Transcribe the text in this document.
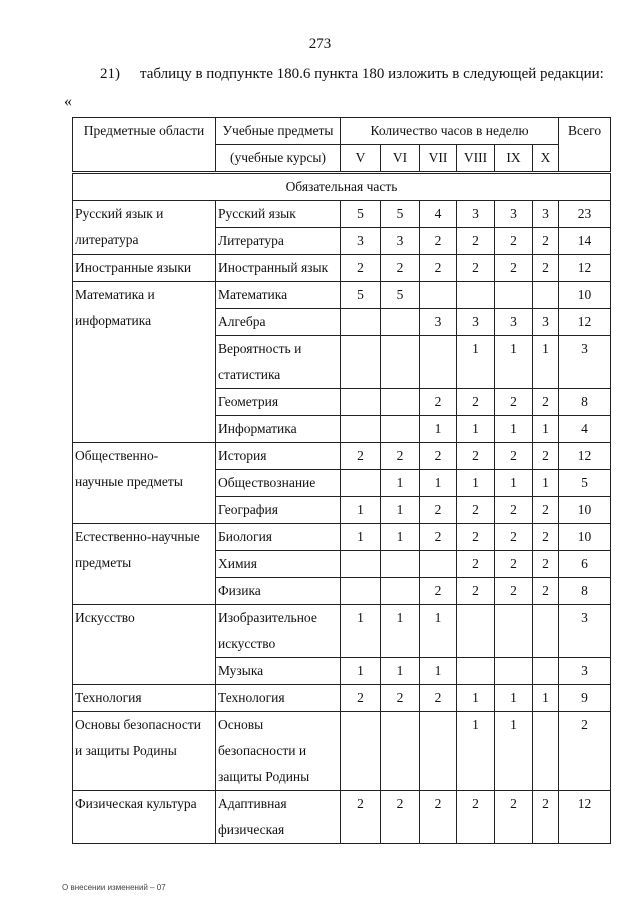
273
21) таблицу в подпункте 180.6 пункта 180 изложить в следующей редакции:
«
Предметные области	Учебные предметы	Количество часов в неделю						Всего
	(учебные курсы)	V	VI	VII	VIII	IX	X	
Обязательная часть								

Русский язык и
литература	Русский язык	5	5	4	3	3	3	23

	Литература	3	3	2	2	2	2	14

Иностранные языки	Иностранный язык	2	2	2	2	2	2	12

Математика и
информатика	Математика	5	5					10

	Алгебра			3	3	3	3	12

	Вероятность и
статистика				1	1	1	3

	Геометрия			2	2	2	2	8

	Информатика			1	1	1	1	4

Общественно-
научные предметы	История	2	2	2	2	2	2	12

	Обществознание		1	1	1	1	1	5

	География	1	1	2	2	2	2	10

Естественно-научные
предметы	Биология	1	1	2	2	2	2	10

	Химия				2	2	2	6

	Физика			2	2	2	2	8

Искусство	Изобразительное
искусство	1	1	1				3

	Музыка	1	1	1				3

Технология	Технология	2	2	2	1	1	1	9

Основы безопасности
и защиты Родины	Основы
безопасности и
защиты Родины				1	1		2

Физическая культура	Адаптивная
физическая	2	2	2	2	2	2	12
О внесении изменений – 07
